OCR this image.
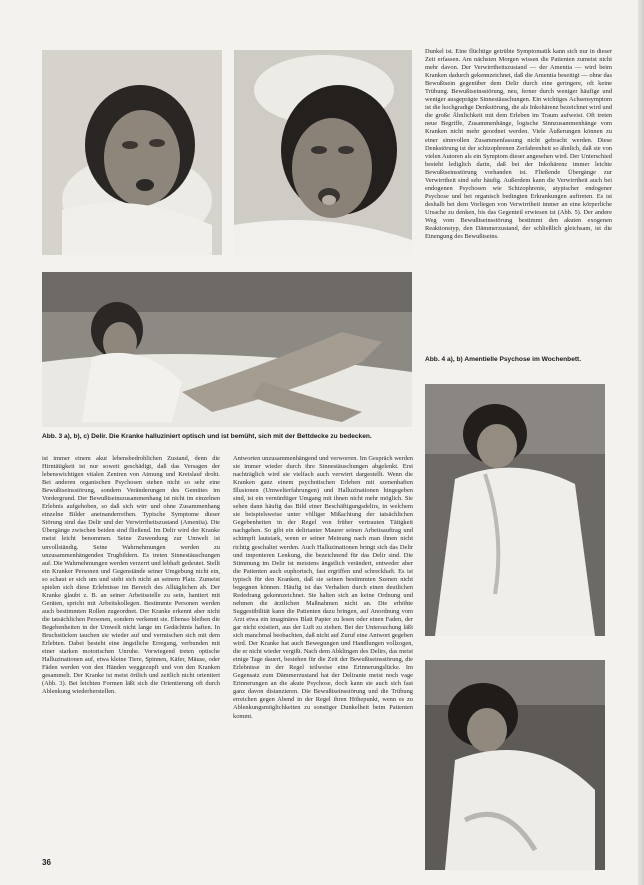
Abb. 3 a), b), c) Delir. Die Kranke halluziniert optisch und ist bemüht, sich mit der Bettdecke zu bedecken.
Dunkel ist. Eine flüchtige getrübte Symptomatik kann sich nur in dieser Zeit erfassen. Am nächsten Morgen wissen die Patienten zumeist nicht mehr davon. Der Verwirrtheitszustand — der Amentia — wird beim Kranken dadurch gekennzeichnet, daß die Amentia beseitigt — ohne das Bewußtsein gegenüber dem Delir durch eine geringere, oft keine Trübung. Bewußtseinsstörung, neu, ferner durch weniger häufige und weniger ausgeprägte Sinnestäuschungen. Ein wichtiges Achsensymptom ist die hochgradige Denkstörung, die als Inkohärenz bezeichnet wird und die große Ähnlichkeit mit dem Erleben im Traum aufweist. Oft treten neue Begriffe, Zusammenhänge, logische Sinnzusammenhänge vom Kranken nicht mehr geordnet werden. Viele Äußerungen können zu einer sinnvollen Zusammenfassung nicht gebracht werden. Diese Denkstörung ist der schizophrenen Zerfahrenheit so ähnlich, daß sie von vielen Autoren als ein Symptom dieser angesehen wird. Der Unterschied besteht lediglich darin, daß bei der Inkohärenz immer leichte Bewußtseinsstörung vorhanden ist. Fließende Übergänge zur Verwirrtheit sind sehr häufig. Außerdem kann die Verwirrtheit auch bei endogenen Psychosen wie Schizophrenie, atypischer endogener Psychose und bei organisch bedingten Erkrankungen auftreten. Es ist deshalb bei dem Vorliegen von Verwirrtheit immer an eine körperliche Ursache zu denken, bis das Gegenteil erwiesen ist (Abb. 5). Der andere Weg vom Bewußtseinsstörung bestimmt den akuten exogenen Reaktionstyp, den Dämmerzustand, der schließlich gleichsam, ist die Einengung des Bewußtseins.
Abb. 4 a), b) Amentielle Psychose im Wochenbett.
ist immer einem akut lebensbedrohlichen Zustand, denn die Hirntätigkeit ist nur soweit geschädigt, daß das Versagen der lebenswichtigen vitalen Zentren von Atmung und Kreislauf droht. Bei anderen organischen Psychosen stehen nicht so sehr eine Bewußtseinsstörung, sondern Veränderungen des Gemütes im Vordergrund. Der Bewußtseinszusammenhang ist nicht im einzelnen Erlebnis aufgehoben, so daß sich wirr und ohne Zusammenhang einzelne Bilder aneinanderreihen. Typische Symptome dieser Störung sind das Delir und der Verwirrtheitszustand (Amentia). Die Übergänge zwischen beiden sind fließend. Im Delir wird der Kranke meist leicht benommen. Seine Zuwendung zur Umwelt ist unvollständig. Seine Wahrnehmungen werden zu unzusammenhängenden Trugbildern. Es treten Sinnestäuschungen auf. Die Wahrnehmungen werden verzerrt und lebhaft gedeutet. Stellt ein Kranker Personen und Gegenstände seiner Umgebung nicht ein, so schaut er sich um und sieht sich nicht an seinem Platz. Zumeist spielen sich diese Erlebnisse im Bereich des Alltäglichen ab. Der Kranke glaubt z. B. an seiner Arbeitsstelle zu sein, hantiert mit Geräten, spricht mit Arbeitskollegen. Bestimmte Personen werden auch bestimmten Rollen zugeordnet. Der Kranke erkennt aber nicht die tatsächlichen Personen, sondern verkennt sie. Ebenso bleiben die Begebenheiten in der Umwelt nicht lange im Gedächtnis haften. In Bruchstücken tauchen sie wieder auf und vermischen sich mit dem Erlebten. Dabei besteht eine ängstliche Erregung, verbunden mit einer starken motorischen Unruhe. Vorwiegend treten optische Halluzinationen auf, etwa kleine Tiere, Spinnen, Käfer, Mäuse, oder Fäden werden von den Händen weggezupft und von den Kranken gesammelt. Der Kranke ist meist örtlich und zeitlich nicht orientiert (Abb. 3). Bei leichten Formen läßt sich die Orientierung oft durch Ablenkung wiederherstellen.
Antworten unzusammenhängend und verworren. Im Gespräch werden sie immer wieder durch ihre Sinnestäuschungen abgelenkt. Erst nachträglich wird sie vielfach auch verwirrt dargestellt. Wenn die Kranken ganz einem psychotischen Erleben mit szenenhaften Illusionen (Umwelterfahrungen) und Halluzinationen hingegeben sind, ist ein vernünftiger Umgang mit ihnen nicht mehr möglich. Sie sehen dann häufig das Bild einer Beschäftigungsdelirs, in welchem sie beispielsweise unter völliger Mißachtung der tatsächlichen Gegebenheiten in der Regel von früher vertrauten Tätigkeit nachgehen. So gibt ein delirianter Maurer seinen Arbeitsauftrag und schimpft lautstark, wenn er seiner Meinung nach man ihnen nicht richtig geschaltet werden. Auch Halluzinationen bringt sich das Delir und imponieren Lenkung, die bezeichnend für das Delir sind. Die Stimmung im Delir ist meistens ängstlich verändert, entweder aber die Patienten auch euphorisch, fast ergriffen und schreckhaft. Es ist typisch für den Kranken, daß sie seinen bestimmten Szenen nicht begegnen können. Häufig ist das Verhalten durch einen deutlichen Rededrang gekennzeichnet. Sie halten sich an keine Ordnung und nehmen die ärztlichen Maßnahmen nicht an. Die erhöhte Suggestibilität kann die Patienten dazu bringen, auf Anordnung vom Arzt etwa ein imaginäres Blatt Papier zu lesen oder einen Faden, der gar nicht existiert, aus der Luft zu ziehen. Bei der Untersuchung läßt sich manchmal beobachten, daß nicht auf Zuruf eine Antwort gegeben wird. Der Kranke hat auch Bewegungen und Handlungen vollzogen, die er nicht wieder vergißt. Nach dem Abklingen des Delirs, das meist einige Tage dauert, bestehen für die Zeit der Bewußtseinsstörung, die Erlebnisse in der Regel teilweise eine Erinnerungslücke. Im Gegensatz zum Dämmerzustand hat der Delirante meist noch vage Erinnerungen an die akute Psychose, doch kann sie auch sich fast ganz davon distanzieren. Die Bewußtseinsstörung und die Trübung erreichen gegen Abend in der Regel ihren Höhepunkt, wenn es zu Ablenkungsmöglichkeiten zu sonstiger Dunkelheit beim Patienten kommt.
36
